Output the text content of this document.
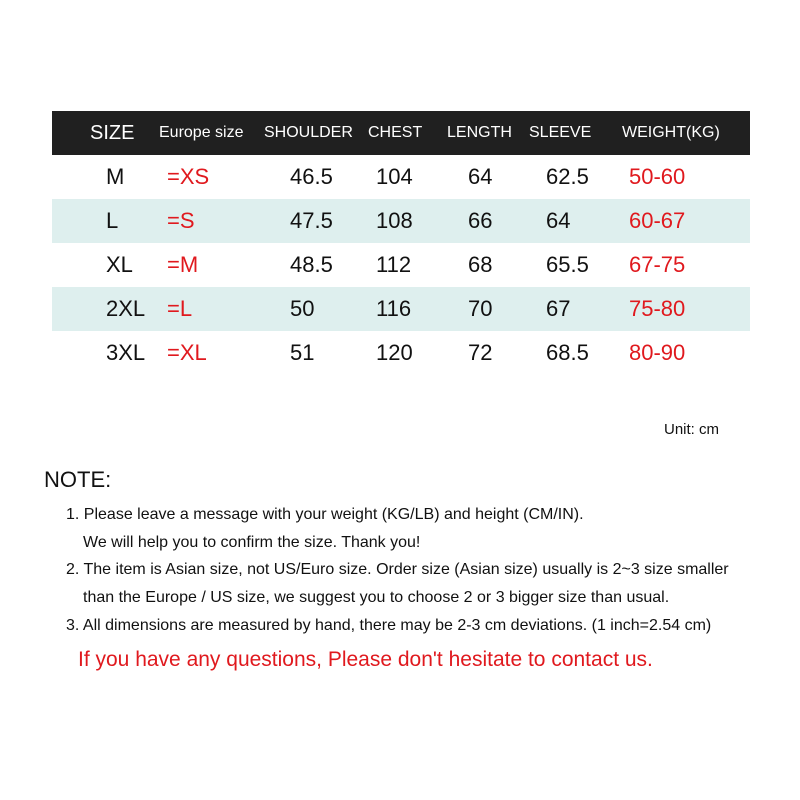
SIZE Europe size SHOULDER CHEST LENGTH SLEEVE WEIGHT(KG)
M =XS	46.5 104	64 62.5 50-60
L =S	47.5 108	66 64	60-67
XL =M	48.5 112	68 65.5 67-75
2XL =L	50	116	70 67	75-80
3XL =XL	51	120	72 68.5 80-90
Unit: cm
NOTE:
1. Please leave a message with your weight (KG/LB) and height (CM/IN).
We will help you to confirm the size. Thank you!
2. The item is Asian size, not US/Euro size. Order size (Asian size) usually is 2~3 size smaller
than the Europe / US size, we suggest you to choose 2 or 3 bigger size than usual.
3. All dimensions are measured by hand, there may be 2-3 cm deviations. (1 inch=2.54 cm)
If you have any questions, Please don't hesitate to contact us.
